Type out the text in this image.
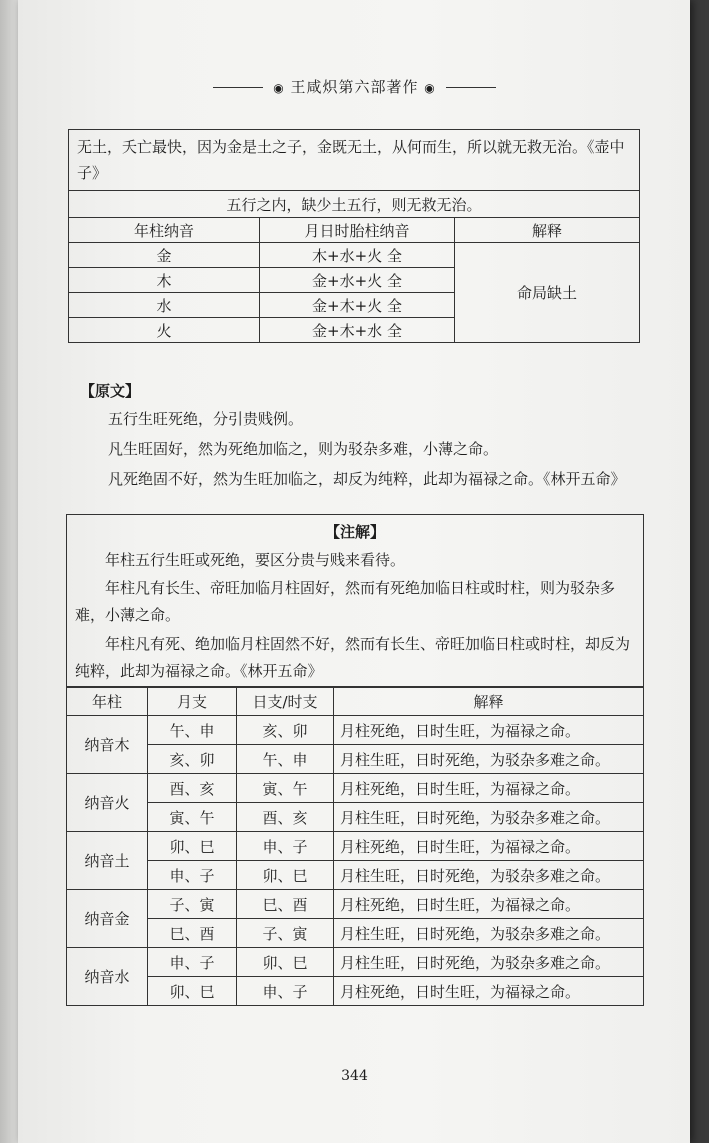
◉ 王咸炽第六部著作 ◉
无土，夭亡最快，因为金是土之子，金既无土，从何而生，所以就无救无治。《壶中子》		
五行之内，缺少土五行，则无救无治。		
年柱纳音	月日时胎柱纳音	解释
金	木+水+火 全	命局缺土
木	金+水+火 全	
水	金+木+火 全	
火	金+木+水 全	
【原文】

五行生旺死绝，分引贵贱例。

凡生旺固好，然为死绝加临之，则为驳杂多难，小薄之命。

凡死绝固不好，然为生旺加临之，却反为纯粹，此却为福禄之命。《林开五命》

【注解】

年柱五行生旺或死绝，要区分贵与贱来看待。

年柱凡有长生、帝旺加临月柱固好，然而有死绝加临日柱或时柱，则为驳杂多难，小薄之命。

年柱凡有死、绝加临月柱固然不好，然而有长生、帝旺加临日柱或时柱，却反为纯粹，此却为福禄之命。《林开五命》

年柱	月支	日支/时支	解释
纳音木	午、申	亥、卯	月柱死绝，日时生旺，为福禄之命。
	亥、卯	午、申	月柱生旺，日时死绝，为驳杂多难之命。
纳音火	酉、亥	寅、午	月柱死绝，日时生旺，为福禄之命。
	寅、午	酉、亥	月柱生旺，日时死绝，为驳杂多难之命。
纳音土	卯、巳	申、子	月柱死绝，日时生旺，为福禄之命。
	申、子	卯、巳	月柱生旺，日时死绝，为驳杂多难之命。
纳音金	子、寅	巳、酉	月柱死绝，日时生旺，为福禄之命。
	巳、酉	子、寅	月柱生旺，日时死绝，为驳杂多难之命。
纳音水	申、子	卯、巳	月柱生旺，日时死绝，为驳杂多难之命。
	卯、巳	申、子	月柱死绝，日时生旺，为福禄之命。
344
